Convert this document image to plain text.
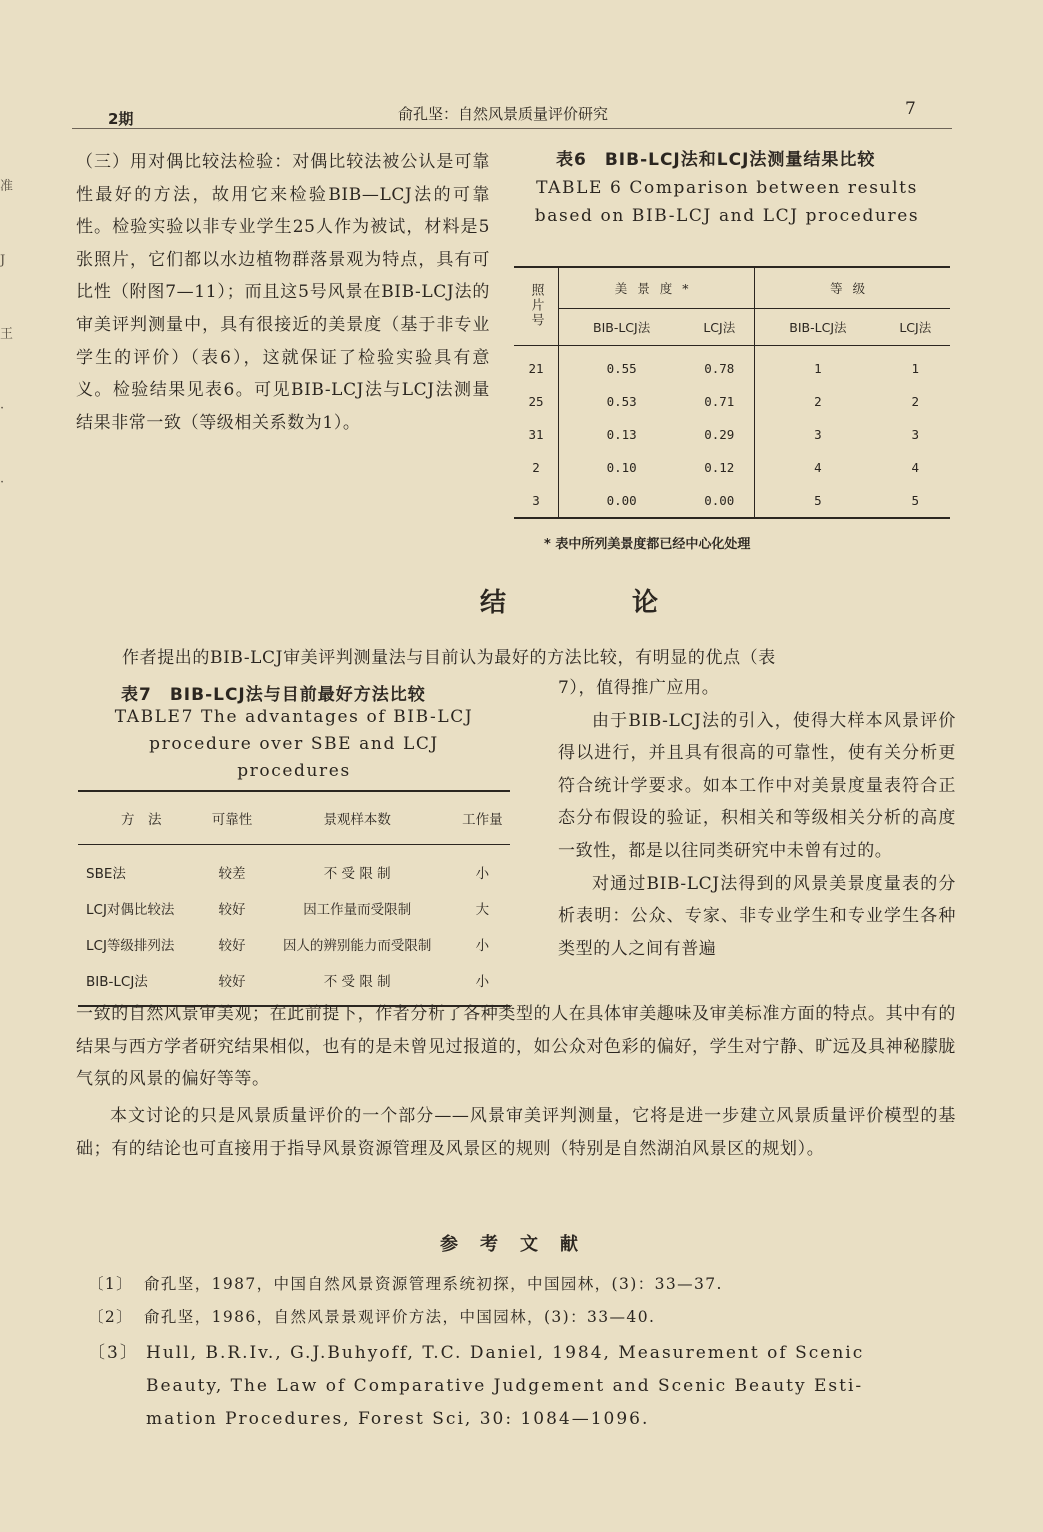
2期	俞孔坚：自然风景质量评价研究	7
准
J
王
·
·
（三）用对偶比较法检验：对偶比较法被公认是可靠性最好的方法，故用它来检验BIB—LCJ法的可靠性。检验实验以非专业学生25人作为被试，材料是5张照片，它们都以水边植物群落景观为特点，具有可比性（附图7—11）；而且这5号风景在BIB-LCJ法的审美评判测量中，具有很接近的美景度（基于非专业学生的评价）（表6），这就保证了检验实验具有意义。检验结果见表6。可见BIB-LCJ法与LCJ法测量结果非常一致（等级相关系数为1）。
表6　BIB-LCJ法和LCJ法测量结果比较
TABLE 6 Comparison between results based on BIB-LCJ and LCJ procedures
照片号	美景度*		等级	
	BIB-LCJ法	LCJ法	BIB-LCJ法	LCJ法
21	0.55	0.78	1	1
25	0.53	0.71	2	2
31	0.13	0.29	3	3
2	0.10	0.12	4	4
3	0.00	0.00	5	5
* 表中所列美景度都已经中心化处理
结　论
作者提出的BIB-LCJ审美评判测量法与目前认为最好的方法比较，有明显的优点（表
表7　BIB-LCJ法与目前最好方法比较
TABLE7 The advantages of BIB-LCJ procedure over SBE and LCJ procedures
方　法	可靠性	景观样本数	工作量
SBE法	较差	不 受 限 制	小
LCJ对偶比较法	较好	因工作量而受限制	大
LCJ等级排列法	较好	因人的辨别能力而受限制	小
BIB-LCJ法	较好	不 受 限 制	小
7），值得推广应用。
由于BIB-LCJ法的引入，使得大样本风景评价得以进行，并且具有很高的可靠性，使有关分析更符合统计学要求。如本工作中对美景度量表符合正态分布假设的验证，积相关和等级相关分析的高度一致性，都是以往同类研究中未曾有过的。
对通过BIB-LCJ法得到的风景美景度量表的分析表明：公众、专家、非专业学生和专业学生各种类型的人之间有普遍
一致的自然风景审美观；在此前提下，作者分析了各种类型的人在具体审美趣味及审美标准方面的特点。其中有的结果与西方学者研究结果相似，也有的是未曾见过报道的，如公众对色彩的偏好，学生对宁静、旷远及具神秘朦胧气氛的风景的偏好等等。
本文讨论的只是风景质量评价的一个部分——风景审美评判测量，它将是进一步建立风景质量评价模型的基础；有的结论也可直接用于指导风景资源管理及风景区的规则（特别是自然湖泊风景区的规划）。
参考文献
〔1〕 俞孔坚，1987，中国自然风景资源管理系统初探，中国园林，(3)：33—37.
〔2〕 俞孔坚，1986，自然风景景观评价方法，中国园林，(3)：33—40.
〔3〕 Hull, B.R.Iv., G.J.Buhyoff, T.C. Daniel, 1984, Measurement of Scenic
Beauty, The Law of Comparative Judgement and Scenic Beauty Esti-
mation Procedures, Forest Sci, 30: 1084—1096.
